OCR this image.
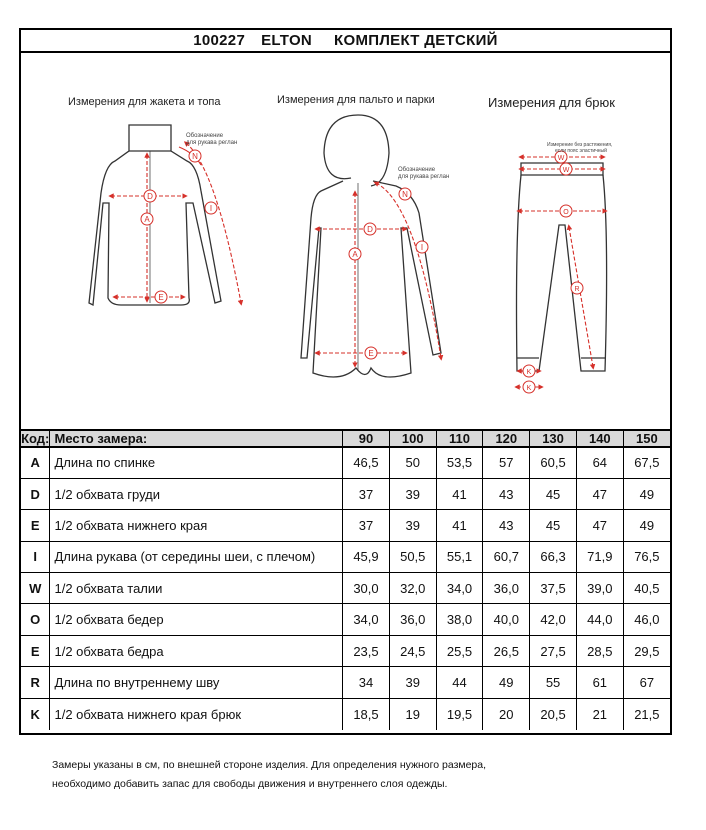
100227 ELTON КОМПЛЕКТ ДЕТСКИЙ
Измерения для жакета и топа	Измерения для пальто и парки	Измерения для брюк
D
A
E
I
N
Обозначение
для рукава реглан
D
A
E
I
N
Обозначение
для рукава реглан
W
W
O
R
K
K
Измерение без растяжения,
если пояс эластичный
Код:	Место замера:	90	100	110	120	130	140	150
A	Длина по спинке	46,5	50	53,5	57	60,5	64	67,5
D	1/2 обхвата груди	37	39	41	43	45	47	49
E	1/2 обхвата нижнего края	37	39	41	43	45	47	49
I	Длина рукава (от середины шеи, с плечом)	45,9	50,5	55,1	60,7	66,3	71,9	76,5
W	1/2 обхвата талии	30,0	32,0	34,0	36,0	37,5	39,0	40,5
O	1/2 обхвата бедер	34,0	36,0	38,0	40,0	42,0	44,0	46,0
E	1/2 обхвата бедра	23,5	24,5	25,5	26,5	27,5	28,5	29,5
R	Длина по внутреннему шву	34	39	44	49	55	61	67
K	1/2 обхвата нижнего края брюк	18,5	19	19,5	20	20,5	21	21,5
Замеры указаны в см, по внешней стороне изделия. Для определения нужного размера,
необходимо добавить запас для свободы движения и внутреннего слоя одежды.
